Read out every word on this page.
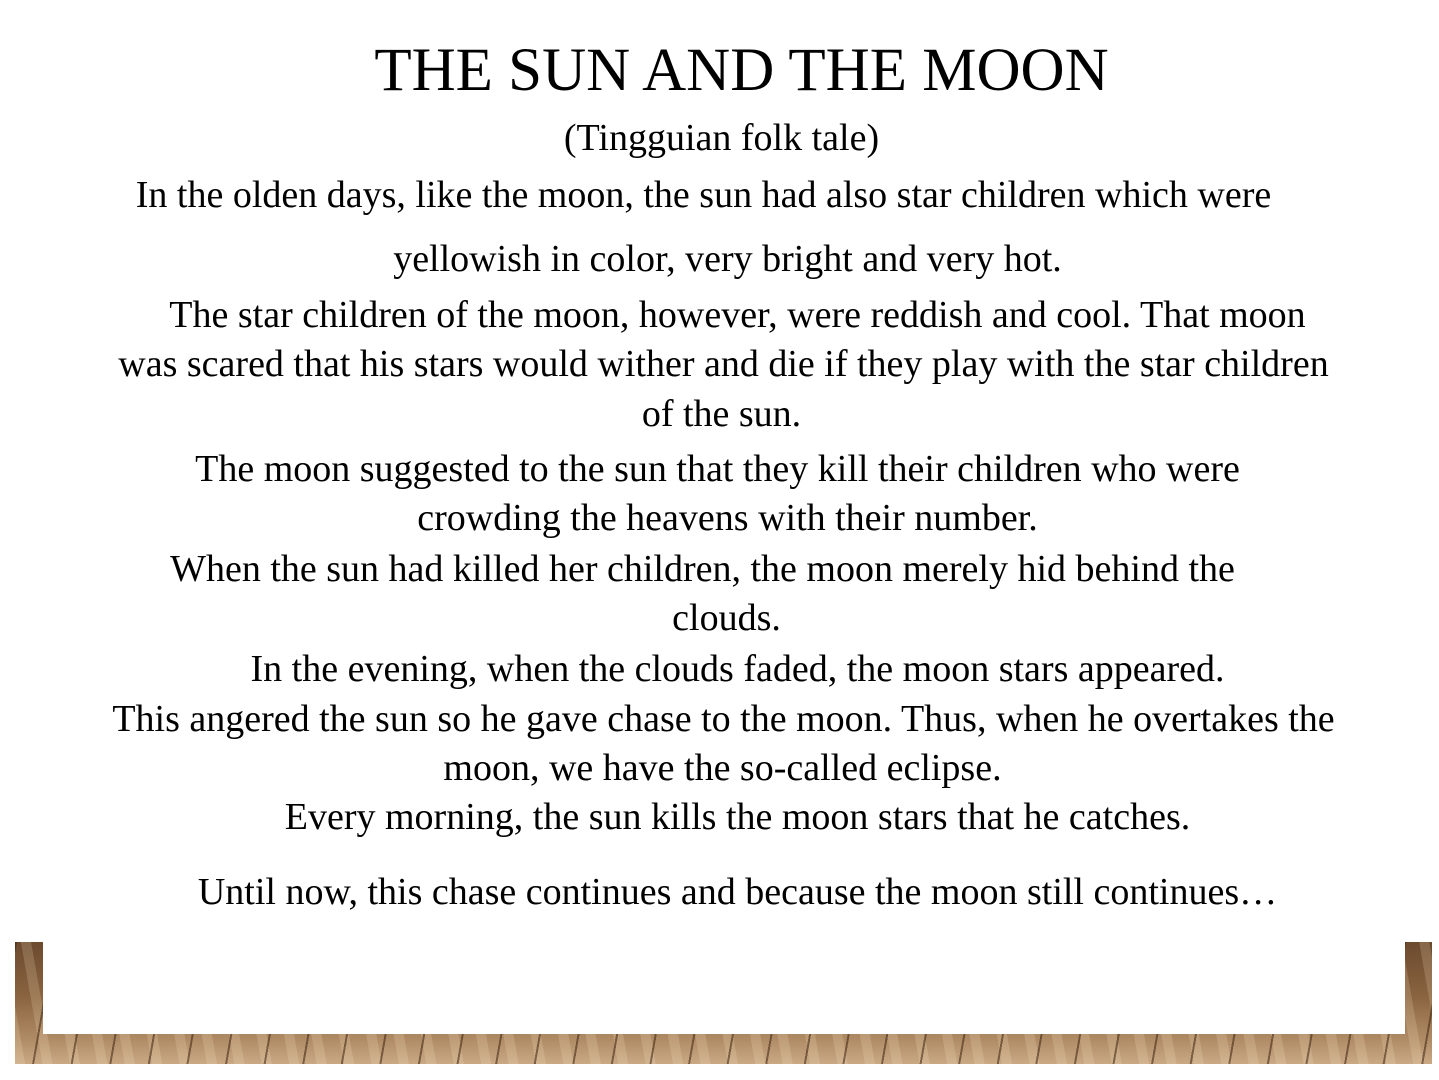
THE SUN AND THE MOON
(Tingguian folk tale)
In the olden days, like the moon, the sun had also star children which were
yellowish in color, very bright and very hot.
The star children of the moon, however, were reddish and cool. That moon
was scared that his stars would wither and die if they play with the star children
of the sun.
The moon suggested to the sun that they kill their children who were
crowding the heavens with their number.
When the sun had killed her children, the moon merely hid behind the
clouds.
In the evening, when the clouds faded, the moon stars appeared.
This angered the sun so he gave chase to the moon. Thus, when he overtakes the
moon, we have the so-called eclipse.
Every morning, the sun kills the moon stars that he catches.
Until now, this chase continues and because the moon still continues…
